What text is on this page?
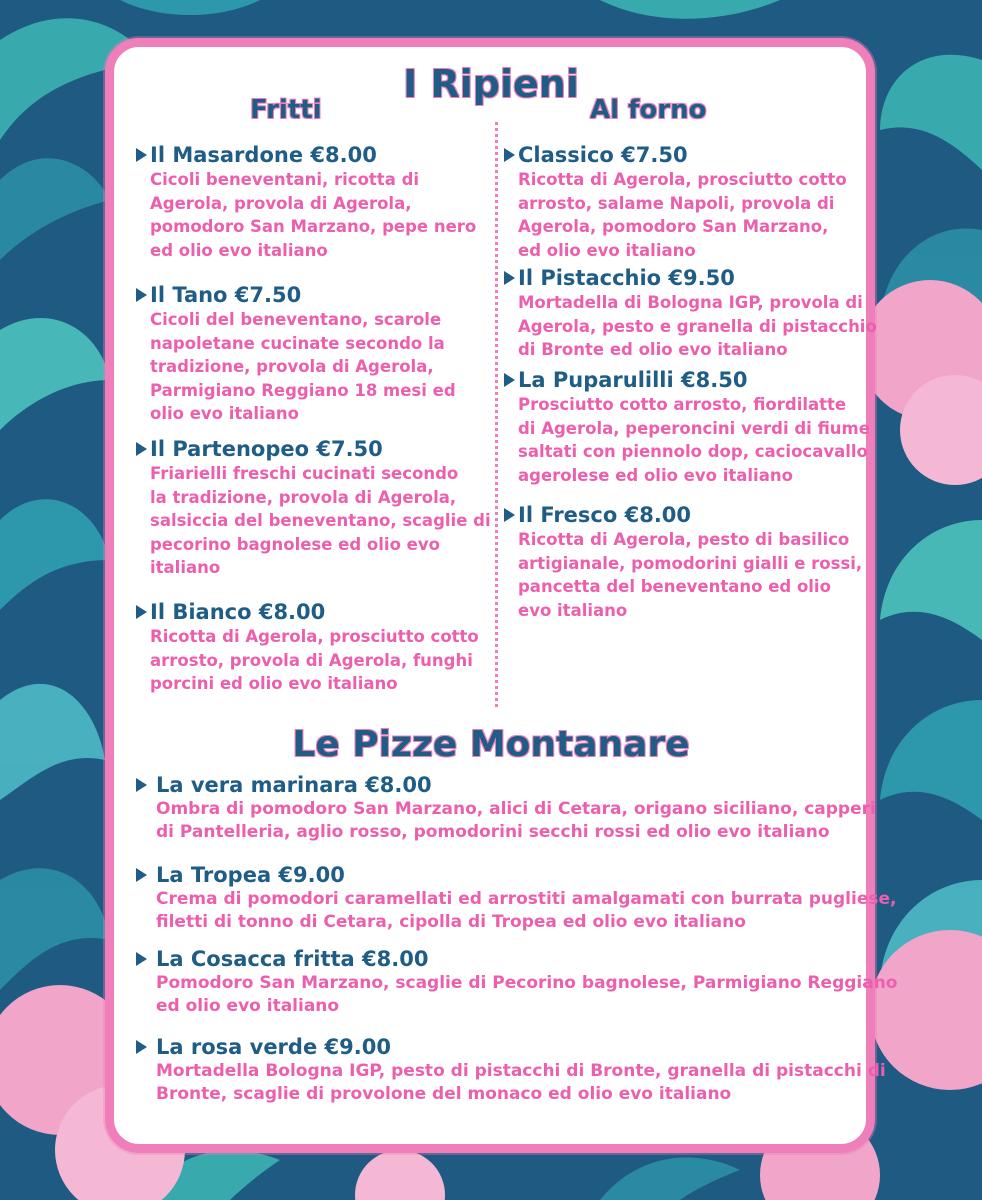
I Ripieni
Fritti	Al forno
Il Masardone €8.00
Cicoli beneventani, ricotta di
Agerola, provola di Agerola,
pomodoro San Marzano, pepe nero
ed olio evo italiano
Il Tano €7.50
Cicoli del beneventano, scarole
napoletane cucinate secondo la
tradizione, provola di Agerola,
Parmigiano Reggiano 18 mesi ed
olio evo italiano
Il Partenopeo €7.50
Friarielli freschi cucinati secondo
la tradizione, provola di Agerola,
salsiccia del beneventano, scaglie di
pecorino bagnolese ed olio evo
italiano
Il Bianco €8.00
Ricotta di Agerola, prosciutto cotto
arrosto, provola di Agerola, funghi
porcini ed olio evo italiano
Classico €7.50
Ricotta di Agerola, prosciutto cotto
arrosto, salame Napoli, provola di
Agerola, pomodoro San Marzano,
ed olio evo italiano
Il Pistacchio €9.50
Mortadella di Bologna IGP, provola di
Agerola, pesto e granella di pistacchio
di Bronte ed olio evo italiano
La Puparulilli €8.50
Prosciutto cotto arrosto, fiordilatte
di Agerola, peperoncini verdi di fiume
saltati con piennolo dop, caciocavallo
agerolese ed olio evo italiano
Il Fresco €8.00
Ricotta di Agerola, pesto di basilico
artigianale, pomodorini gialli e rossi,
pancetta del beneventano ed olio
evo italiano
Le Pizze Montanare
La vera marinara €8.00
Ombra di pomodoro San Marzano, alici di Cetara, origano siciliano, capperi
di Pantelleria, aglio rosso, pomodorini secchi rossi ed olio evo italiano
La Tropea €9.00
Crema di pomodori caramellati ed arrostiti amalgamati con burrata pugliese,
filetti di tonno di Cetara, cipolla di Tropea ed olio evo italiano
La Cosacca fritta €8.00
Pomodoro San Marzano, scaglie di Pecorino bagnolese, Parmigiano Reggiano
ed olio evo italiano
La rosa verde €9.00
Mortadella Bologna IGP, pesto di pistacchi di Bronte, granella di pistacchi di
Bronte, scaglie di provolone del monaco ed olio evo italiano
